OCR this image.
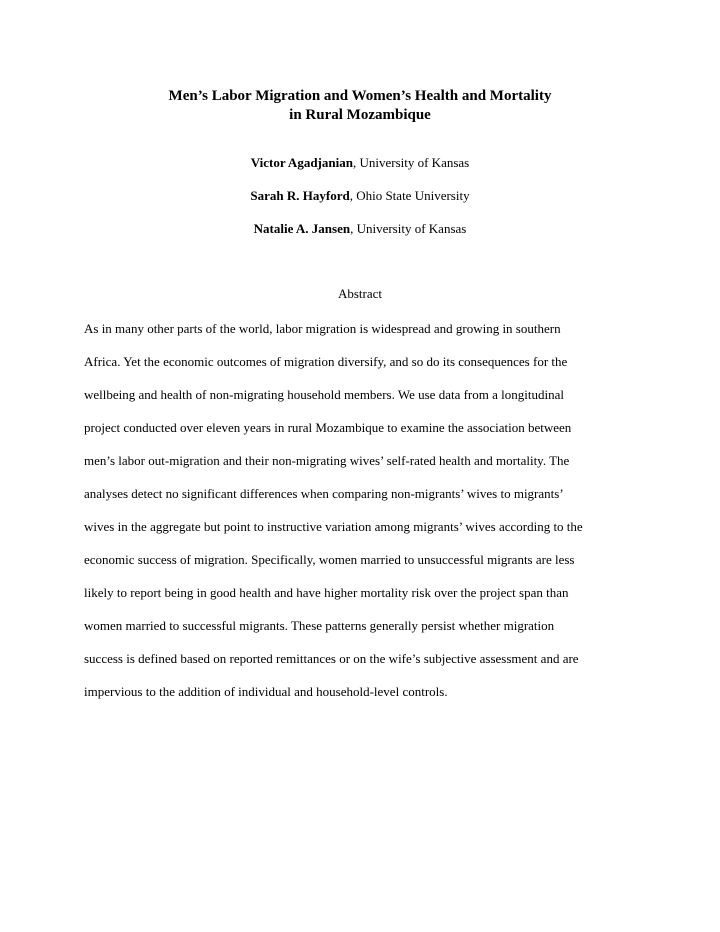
Men’s Labor Migration and Women’s Health and Mortality
in Rural Mozambique
Victor Agadjanian, University of Kansas
Sarah R. Hayford, Ohio State University
Natalie A. Jansen, University of Kansas
Abstract
As in many other parts of the world, labor migration is widespread and growing in southern
Africa. Yet the economic outcomes of migration diversify, and so do its consequences for the
wellbeing and health of non-migrating household members. We use data from a longitudinal
project conducted over eleven years in rural Mozambique to examine the association between
men’s labor out-migration and their non-migrating wives’ self-rated health and mortality. The
analyses detect no significant differences when comparing non-migrants’ wives to migrants’
wives in the aggregate but point to instructive variation among migrants’ wives according to the
economic success of migration. Specifically, women married to unsuccessful migrants are less
likely to report being in good health and have higher mortality risk over the project span than
women married to successful migrants. These patterns generally persist whether migration
success is defined based on reported remittances or on the wife’s subjective assessment and are
impervious to the addition of individual and household-level controls.
